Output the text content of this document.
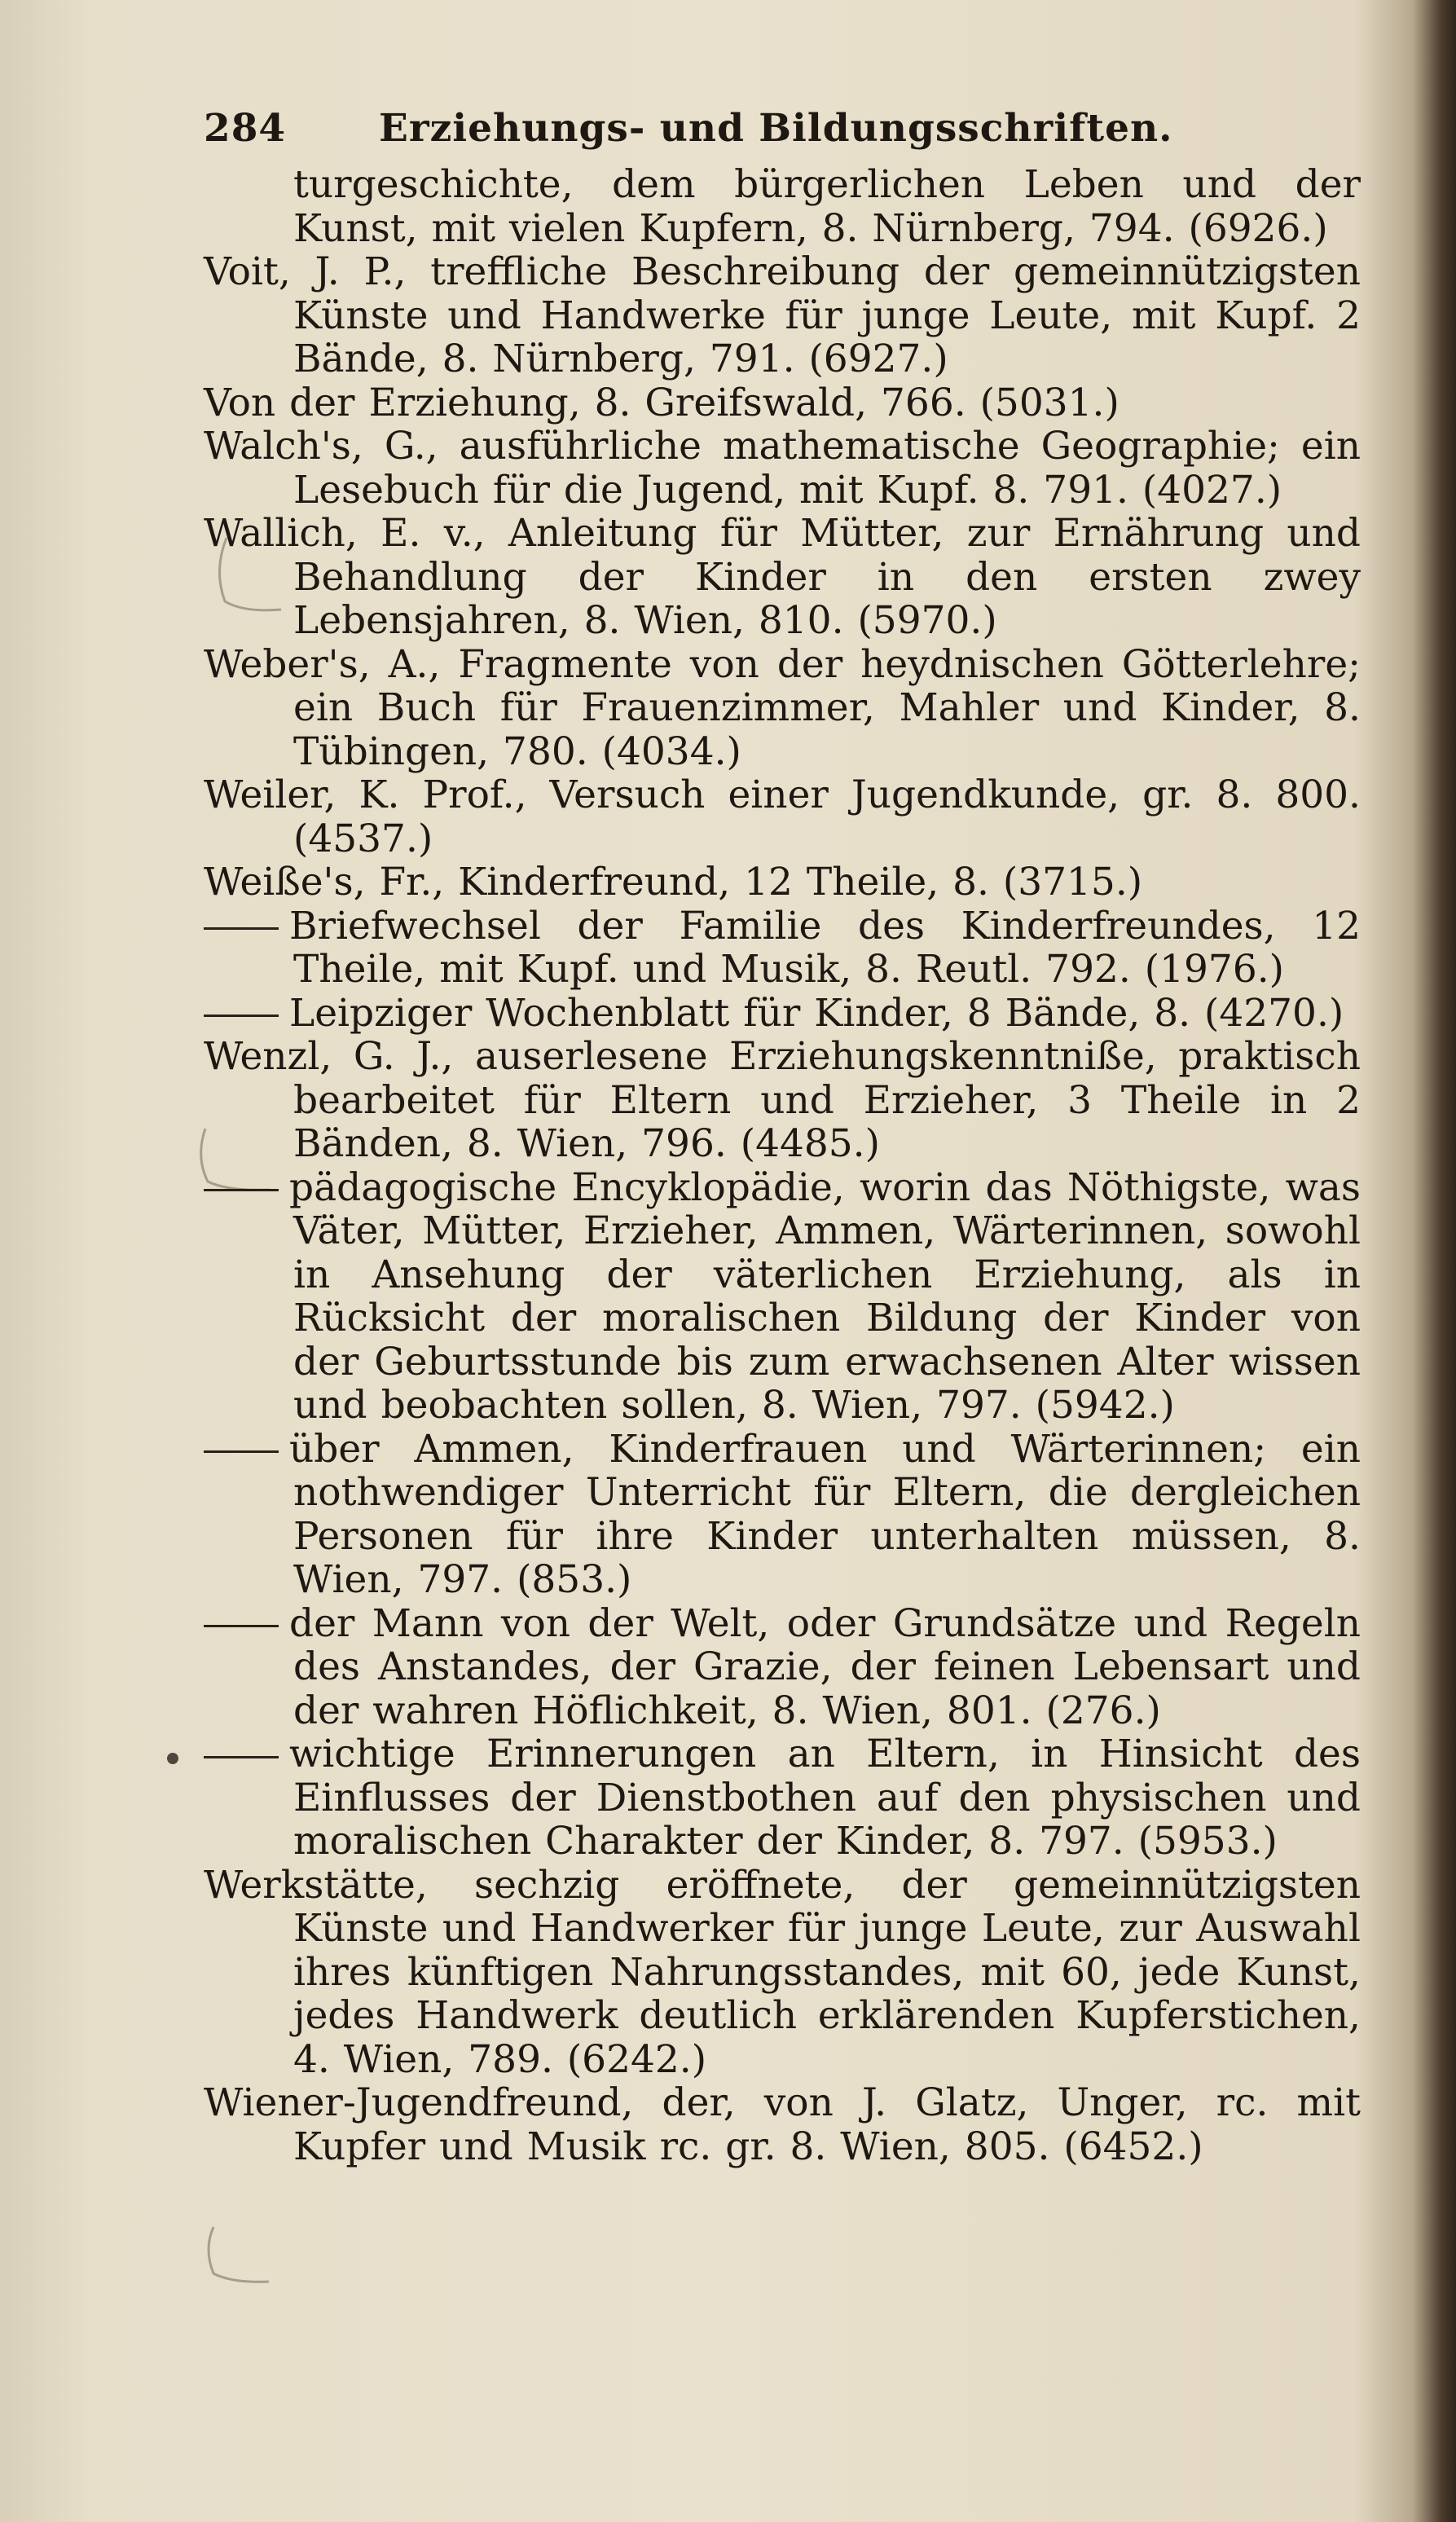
284	Erziehungs- und Bildungsschriften.
turgeschichte, dem bürgerlichen Leben und der Kunst, mit vielen Kupfern, 8. Nürnberg, 794. (6926.)
Voit, J. P., treffliche Beschreibung der gemeinnützigsten Künste und Handwerke für junge Leute, mit Kupf. 2 Bände, 8. Nürnberg, 791. (6927.)
Von der Erziehung, 8. Greifswald, 766. (5031.)
Walch's, G., ausführliche mathematische Geographie; ein Lesebuch für die Jugend, mit Kupf. 8. 791. (4027.)
Wallich, E. v., Anleitung für Mütter, zur Ernährung und Behandlung der Kinder in den ersten zwey Lebensjahren, 8. Wien, 810. (5970.)
Weber's, A., Fragmente von der heydnischen Götterlehre; ein Buch für Frauenzimmer, Mahler und Kinder, 8. Tübingen, 780. (4034.)
Weiler, K. Prof., Versuch einer Jugendkunde, gr. 8. 800. (4537.)
Weiße's, Fr., Kinderfreund, 12 Theile, 8. (3715.)
Briefwechsel der Familie des Kinderfreundes, 12 Theile, mit Kupf. und Musik, 8. Reutl. 792. (1976.)
Leipziger Wochenblatt für Kinder, 8 Bände, 8. (4270.)
Wenzl, G. J., auserlesene Erziehungskenntniße, praktisch bearbeitet für Eltern und Erzieher, 3 Theile in 2 Bänden, 8. Wien, 796. (4485.)
pädagogische Encyklopädie, worin das Nöthigste, was Väter, Mütter, Erzieher, Ammen, Wärterinnen, sowohl in Ansehung der väterlichen Erziehung, als in Rücksicht der moralischen Bildung der Kinder von der Geburtsstunde bis zum erwachsenen Alter wissen und beobachten sollen, 8. Wien, 797. (5942.)
über Ammen, Kinderfrauen und Wärterinnen; ein nothwendiger Unterricht für Eltern, die dergleichen Personen für ihre Kinder unterhalten müssen, 8. Wien, 797. (853.)
der Mann von der Welt, oder Grundsätze und Regeln des Anstandes, der Grazie, der feinen Lebensart und der wahren Höflichkeit, 8. Wien, 801. (276.)
wichtige Erinnerungen an Eltern, in Hinsicht des Einflusses der Dienstbothen auf den physischen und moralischen Charakter der Kinder, 8. 797. (5953.)
Werkstätte, sechzig eröffnete, der gemeinnützigsten Künste und Handwerker für junge Leute, zur Auswahl ihres künftigen Nahrungsstandes, mit 60, jede Kunst, jedes Handwerk deutlich erklärenden Kupferstichen, 4. Wien, 789. (6242.)
Wiener-Jugendfreund, der, von J. Glatz, Unger, rc. mit Kupfer und Musik rc. gr. 8. Wien, 805. (6452.)
